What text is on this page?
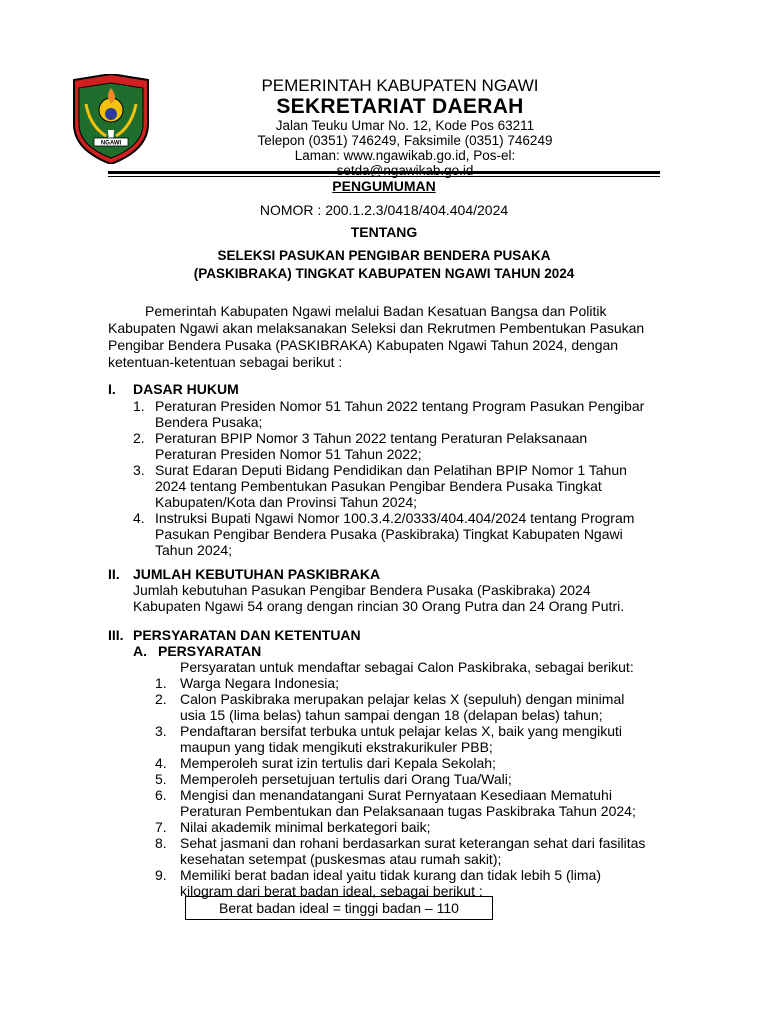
NGAWI
PEMERINTAH KABUPATEN NGAWI
SEKRETARIAT DAERAH
Jalan Teuku Umar No. 12, Kode Pos 63211
Telepon (0351) 746249, Faksimile (0351) 746249
Laman: www.ngawikab.go.id, Pos-el: setda@ngawikab.go.id
PENGUMUMAN
NOMOR : 200.1.2.3/0418/404.404/2024
TENTANG
SELEKSI PASUKAN PENGIBAR BENDERA PUSAKA
(PASKIBRAKA) TINGKAT KABUPATEN NGAWI TAHUN 2024
Pemerintah Kabupaten Ngawi melalui Badan Kesatuan Bangsa dan Politik
Kabupaten Ngawi akan melaksanakan Seleksi dan Rekrutmen Pembentukan Pasukan
Pengibar Bendera Pusaka (PASKIBRAKA) Kabupaten Ngawi Tahun 2024, dengan
ketentuan-ketentuan sebagai berikut :
I. DASAR HUKUM
1. Peraturan Presiden Nomor 51 Tahun 2022 tentang Program Pasukan Pengibar
Bendera Pusaka;
2. Peraturan BPIP Nomor 3 Tahun 2022 tentang Peraturan Pelaksanaan
Peraturan Presiden Nomor 51 Tahun 2022;
3. Surat Edaran Deputi Bidang Pendidikan dan Pelatihan BPIP Nomor 1 Tahun
2024 tentang Pembentukan Pasukan Pengibar Bendera Pusaka Tingkat
Kabupaten/Kota dan Provinsi Tahun 2024;
4. Instruksi Bupati Ngawi Nomor 100.3.4.2/0333/404.404/2024 tentang Program
Pasukan Pengibar Bendera Pusaka (Paskibraka) Tingkat Kabupaten Ngawi
Tahun 2024;
II. JUMLAH KEBUTUHAN PASKIBRAKA
Jumlah kebutuhan Pasukan Pengibar Bendera Pusaka (Paskibraka) 2024
Kabupaten Ngawi 54 orang dengan rincian 30 Orang Putra dan 24 Orang Putri.
III. PERSYARATAN DAN KETENTUAN
A. PERSYARATAN
Persyaratan untuk mendaftar sebagai Calon Paskibraka, sebagai berikut:
1. Warga Negara Indonesia;
2. Calon Paskibraka merupakan pelajar kelas X (sepuluh) dengan minimal
usia 15 (lima belas) tahun sampai dengan 18 (delapan belas) tahun;
3. Pendaftaran bersifat terbuka untuk pelajar kelas X, baik yang mengikuti
maupun yang tidak mengikuti ekstrakurikuler PBB;
4. Memperoleh surat izin tertulis dari Kepala Sekolah;
5. Memperoleh persetujuan tertulis dari Orang Tua/Wali;
6. Mengisi dan menandatangani Surat Pernyataan Kesediaan Mematuhi
Peraturan Pembentukan dan Pelaksanaan tugas Paskibraka Tahun 2024;
7. Nilai akademik minimal berkategori baik;
8. Sehat jasmani dan rohani berdasarkan surat keterangan sehat dari fasilitas
kesehatan setempat (puskesmas atau rumah sakit);
9. Memiliki berat badan ideal yaitu tidak kurang dan tidak lebih 5 (lima)
kilogram dari berat badan ideal, sebagai berikut :
Berat badan ideal = tinggi badan – 110
